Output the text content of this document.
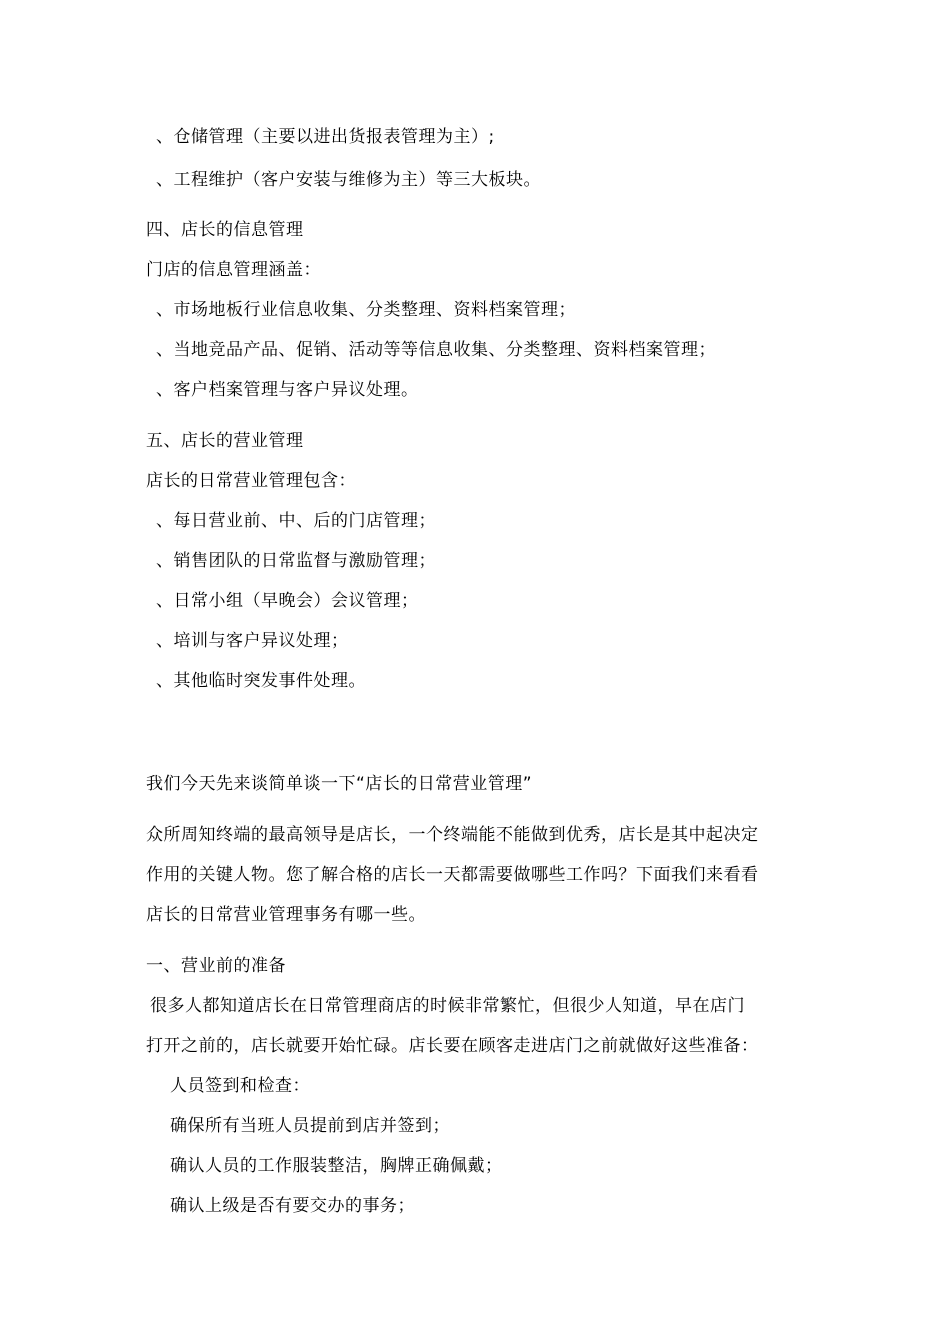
、仓储管理（主要以进出货报表管理为主）;
、工程维护（客户安装与维修为主）等三大板块。
四、店长的信息管理
门店的信息管理涵盖：
、市场地板行业信息收集、分类整理、资料档案管理；
、当地竞品产品、促销、活动等等信息收集、分类整理、资料档案管理；
、客户档案管理与客户异议处理。
五、店长的营业管理
店长的日常营业管理包含：
、每日营业前、中、后的门店管理；
、销售团队的日常监督与激励管理；
、日常小组（早晚会）会议管理；
、培训与客户异议处理；
、其他临时突发事件处理。
我们今天先来谈简单谈一下“店长的日常营业管理”
众所周知终端的最高领导是店长，一个终端能不能做到优秀，店长是其中起决定
作用的关键人物。您了解合格的店长一天都需要做哪些工作吗？下面我们来看看
店长的日常营业管理事务有哪一些。
一、营业前的准备
很多人都知道店长在日常管理商店的时候非常繁忙，但很少人知道，早在店门
打开之前的，店长就要开始忙碌。店长要在顾客走进店门之前就做好这些准备：
人员签到和检查：
确保所有当班人员提前到店并签到；
确认人员的工作服装整洁，胸牌正确佩戴；
确认上级是否有要交办的事务；
